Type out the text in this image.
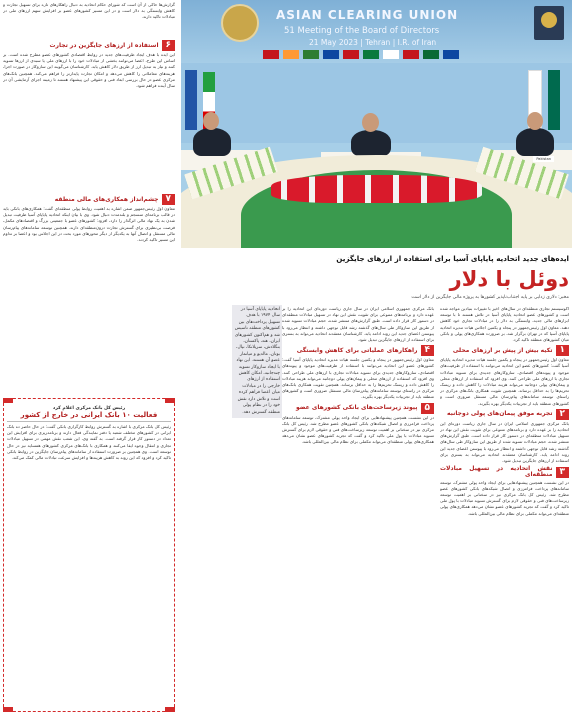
ASIAN CLEARING UNION
51 Meeting of the Board of Directors
21 May 2023 | Tehran | I.R. of Iran
Pakistan
ایده‌های جدید اتحادیه پایاپای آسیا برای استفاده از ارزهای جایگزین
دوئل با دلار
مخبر: دلاری زدایی بر پایه اجتناب‌ناپذیر کشورها به پروژه مالی جایگزین از دلار است

اکوسیستم تجاری منطقه‌ای در سال‌های اخیر با تغییرات بنیادین مواجه شده است و کشورهای عضو اتحادیه پایاپای آسیا در تلاش هستند تا با توسعه ابزارهای مالی جدید، وابستگی به دلار را در مبادلات تجاری خود کاهش دهند. معاون اول رئیس‌جمهور در پنجاه و یکمین اجلاس هیات مدیره اتحادیه پایاپای آسیا که در تهران برگزار شد، بر ضرورت همکاری‌های پولی و بانکی میان کشورهای منطقه تاکید کرد.

۱
تکیه بیش از پیش بر ارزهای محلی

معاون اول رئیس‌جمهور در پنجاه و یکمین جلسه هیات مدیره اتحادیه پایاپای آسیا گفت: کشورهای عضو این اتحادیه می‌توانند با استفاده از ظرفیت‌های موجود و پیوندهای اقتصادی، سازوکارهای جدیدی برای تسویه مبادلات تجاری با ارزهای ملی طراحی کنند. وی افزود که استفاده از ارزهای محلی و پیمان‌های پولی دوجانبه می‌تواند هزینه مبادلات را کاهش داده و ریسک تحریم‌ها را به حداقل برساند. همچنین تقویت همکاری بانک‌های مرکزی در راستای توسعه سامانه‌های پیام‌رسان مالی مستقل ضروری است و کشورهای منطقه باید از تجربیات یکدیگر بهره بگیرند.

۲
تجربه موفق پیمان‌های پولی دوجانبه

بانک مرکزی جمهوری اسلامی ایران در سال جاری ریاست دوره‌ای این اتحادیه را بر عهده دارد و برنامه‌های متنوعی برای تقویت نقش این نهاد در تسهیل مبادلات منطقه‌ای در دستور کار قرار داده است. طبق گزارش‌های منتشر شده، حجم مبادلات تسویه شده از طریق این سازوکار طی سال‌های گذشته رشد قابل توجهی داشته و انتظار می‌رود با پیوستن اعضای جدید این روند ادامه یابد. کارشناسان معتقدند اتحادیه می‌تواند به بستری برای استفاده از ارزهای جایگزین تبدیل شود.

۳
نقش اتحادیه در تسهیل مبادلات منطقه‌ای

در این نشست همچنین پیشنهادهایی برای ایجاد واحد پولی مشترک، توسعه سامانه‌های پرداخت فرامرزی و اتصال شبکه‌های بانکی کشورهای عضو مطرح شد. رئیس کل بانک مرکزی نیز در سخنانی بر اهمیت توسعه زیرساخت‌های فنی و حقوقی لازم برای گسترش تسویه مبادلات با پول ملی تاکید کرد و گفت که تجربه کشورهای عضو نشان می‌دهد همکاری‌های پولی منطقه‌ای می‌تواند مکملی برای نظام مالی بین‌المللی باشد.

بانک مرکزی جمهوری اسلامی ایران در سال جاری ریاست دوره‌ای این اتحادیه را بر عهده دارد و برنامه‌های متنوعی برای تقویت نقش این نهاد در تسهیل مبادلات منطقه‌ای در دستور کار قرار داده است. طبق گزارش‌های منتشر شده، حجم مبادلات تسویه شده از طریق این سازوکار طی سال‌های گذشته رشد قابل توجهی داشته و انتظار می‌رود با پیوستن اعضای جدید این روند ادامه یابد. کارشناسان معتقدند اتحادیه می‌تواند به بستری برای استفاده از ارزهای جایگزین تبدیل شود.

۴
راهکارهای عملیاتی برای کاهش وابستگی

معاون اول رئیس‌جمهور در پنجاه و یکمین جلسه هیات مدیره اتحادیه پایاپای آسیا گفت: کشورهای عضو این اتحادیه می‌توانند با استفاده از ظرفیت‌های موجود و پیوندهای اقتصادی، سازوکارهای جدیدی برای تسویه مبادلات تجاری با ارزهای ملی طراحی کنند. وی افزود که استفاده از ارزهای محلی و پیمان‌های پولی دوجانبه می‌تواند هزینه مبادلات را کاهش داده و ریسک تحریم‌ها را به حداقل برساند. همچنین تقویت همکاری بانک‌های مرکزی در راستای توسعه سامانه‌های پیام‌رسان مالی مستقل ضروری است و کشورهای منطقه باید از تجربیات یکدیگر بهره بگیرند.

۵
پیوند زیرساخت‌های بانکی کشورهای عضو

در این نشست همچنین پیشنهادهایی برای ایجاد واحد پولی مشترک، توسعه سامانه‌های پرداخت فرامرزی و اتصال شبکه‌های بانکی کشورهای عضو مطرح شد. رئیس کل بانک مرکزی نیز در سخنانی بر اهمیت توسعه زیرساخت‌های فنی و حقوقی لازم برای گسترش تسویه مبادلات با پول ملی تاکید کرد و گفت که تجربه کشورهای عضو نشان می‌دهد همکاری‌های پولی منطقه‌ای می‌تواند مکملی برای نظام مالی بین‌المللی باشد.

اتحادیه پایاپای آسیا در سال ۱۹۷۴ با هدف تسهیل پرداخت‌های بین کشورهای منطقه تاسیس شد و هم‌اکنون کشورهای ایران، هند، پاکستان، بنگلادش، سریلانکا، نپال، بوتان، مالدیو و میانمار عضو آن هستند. این نهاد با ایجاد سازوکار تسویه چندجانبه، امکان کاهش استفاده از ارزهای خارجی را در مبادلات میان اعضا فراهم کرده است و تلاش دارد نقش خود را در نظام پولی منطقه گسترش دهد.
گزارش‌ها حاکی از آن است که شورای حکام اتحادیه به دنبال راهکارهای تازه برای تسهیل تجارت و کاهش وابستگی به دلار است و در این مسیر کشورهای عضو بر افزایش سهم ارزهای ملی در مبادلات تاکید دارند.
۶
استفاده از ارزهای جایگزین در تجارت
این ایده با هدف ایجاد ظرفیت‌های جدید در روابط اقتصادی کشورهای عضو مطرح شده است. بر اساس این طرح، اعضا می‌توانند بخشی از مبادلات خود را با ارزهای ملی یا سبدی از ارزها تسویه کنند و نیاز به تبدیل ارز از طریق دلار کاهش یابد. کارشناسان می‌گویند این سازوکار در صورت اجرا، هزینه‌های معاملاتی را کاهش می‌دهد و امکان تجارت پایدارتر را فراهم می‌کند. همچنین بانک‌های مرکزی عضو در حال بررسی ابعاد فنی و حقوقی این پیشنهاد هستند تا زمینه اجرای آزمایشی آن در سال آینده فراهم شود.
۷
چشم‌انداز همکاری‌های مالی منطقه
معاون اول رئیس‌جمهور ضمن اشاره به اهمیت روابط پولی منطقه‌ای گفت: همکاری‌های بانکی باید در قالب برنامه‌ای منسجم و بلندمدت دنبال شود. وی با بیان اینکه اتحادیه پایاپای آسیا ظرفیت تبدیل شدن به یک نهاد مالی اثرگذار را دارد، افزود: کشورهای عضو با جمعیتی بزرگ و اقتصادهای مکمل، فرصت بی‌نظیری برای گسترش تجارت درون‌منطقه‌ای دارند. همچنین توسعه سامانه‌های پیام‌رسان مالی مستقل و اتصال آنها به یکدیگر از دیگر محورهای مورد بحث در این اجلاس بود و اعضا بر تداوم این مسیر تاکید کردند.
رئیس کل بانک مرکزی اعلام کرد
فعالیت ۱۰ بانک ایرانی در خارج از کشور
رئیس کل بانک مرکزی با اشاره به گسترش روابط کارگزاری بانکی گفت: در حال حاضر ده بانک ایرانی در کشورهای مختلف شعبه یا دفتر نمایندگی فعال دارند و برنامه‌ریزی برای افزایش این تعداد در دستور کار قرار گرفته است. به گفته وی، این شعب نقش مهمی در تسهیل مبادلات تجاری و انتقال وجوه ایفا می‌کنند و همکاری با بانک‌های مرکزی کشورهای همسایه نیز در حال توسعه است. وی همچنین بر ضرورت استفاده از سامانه‌های پیام‌رسان جایگزین در روابط بانکی تاکید کرد و افزود که این روند به کاهش هزینه‌ها و افزایش سرعت تبادلات مالی کمک می‌کند.
